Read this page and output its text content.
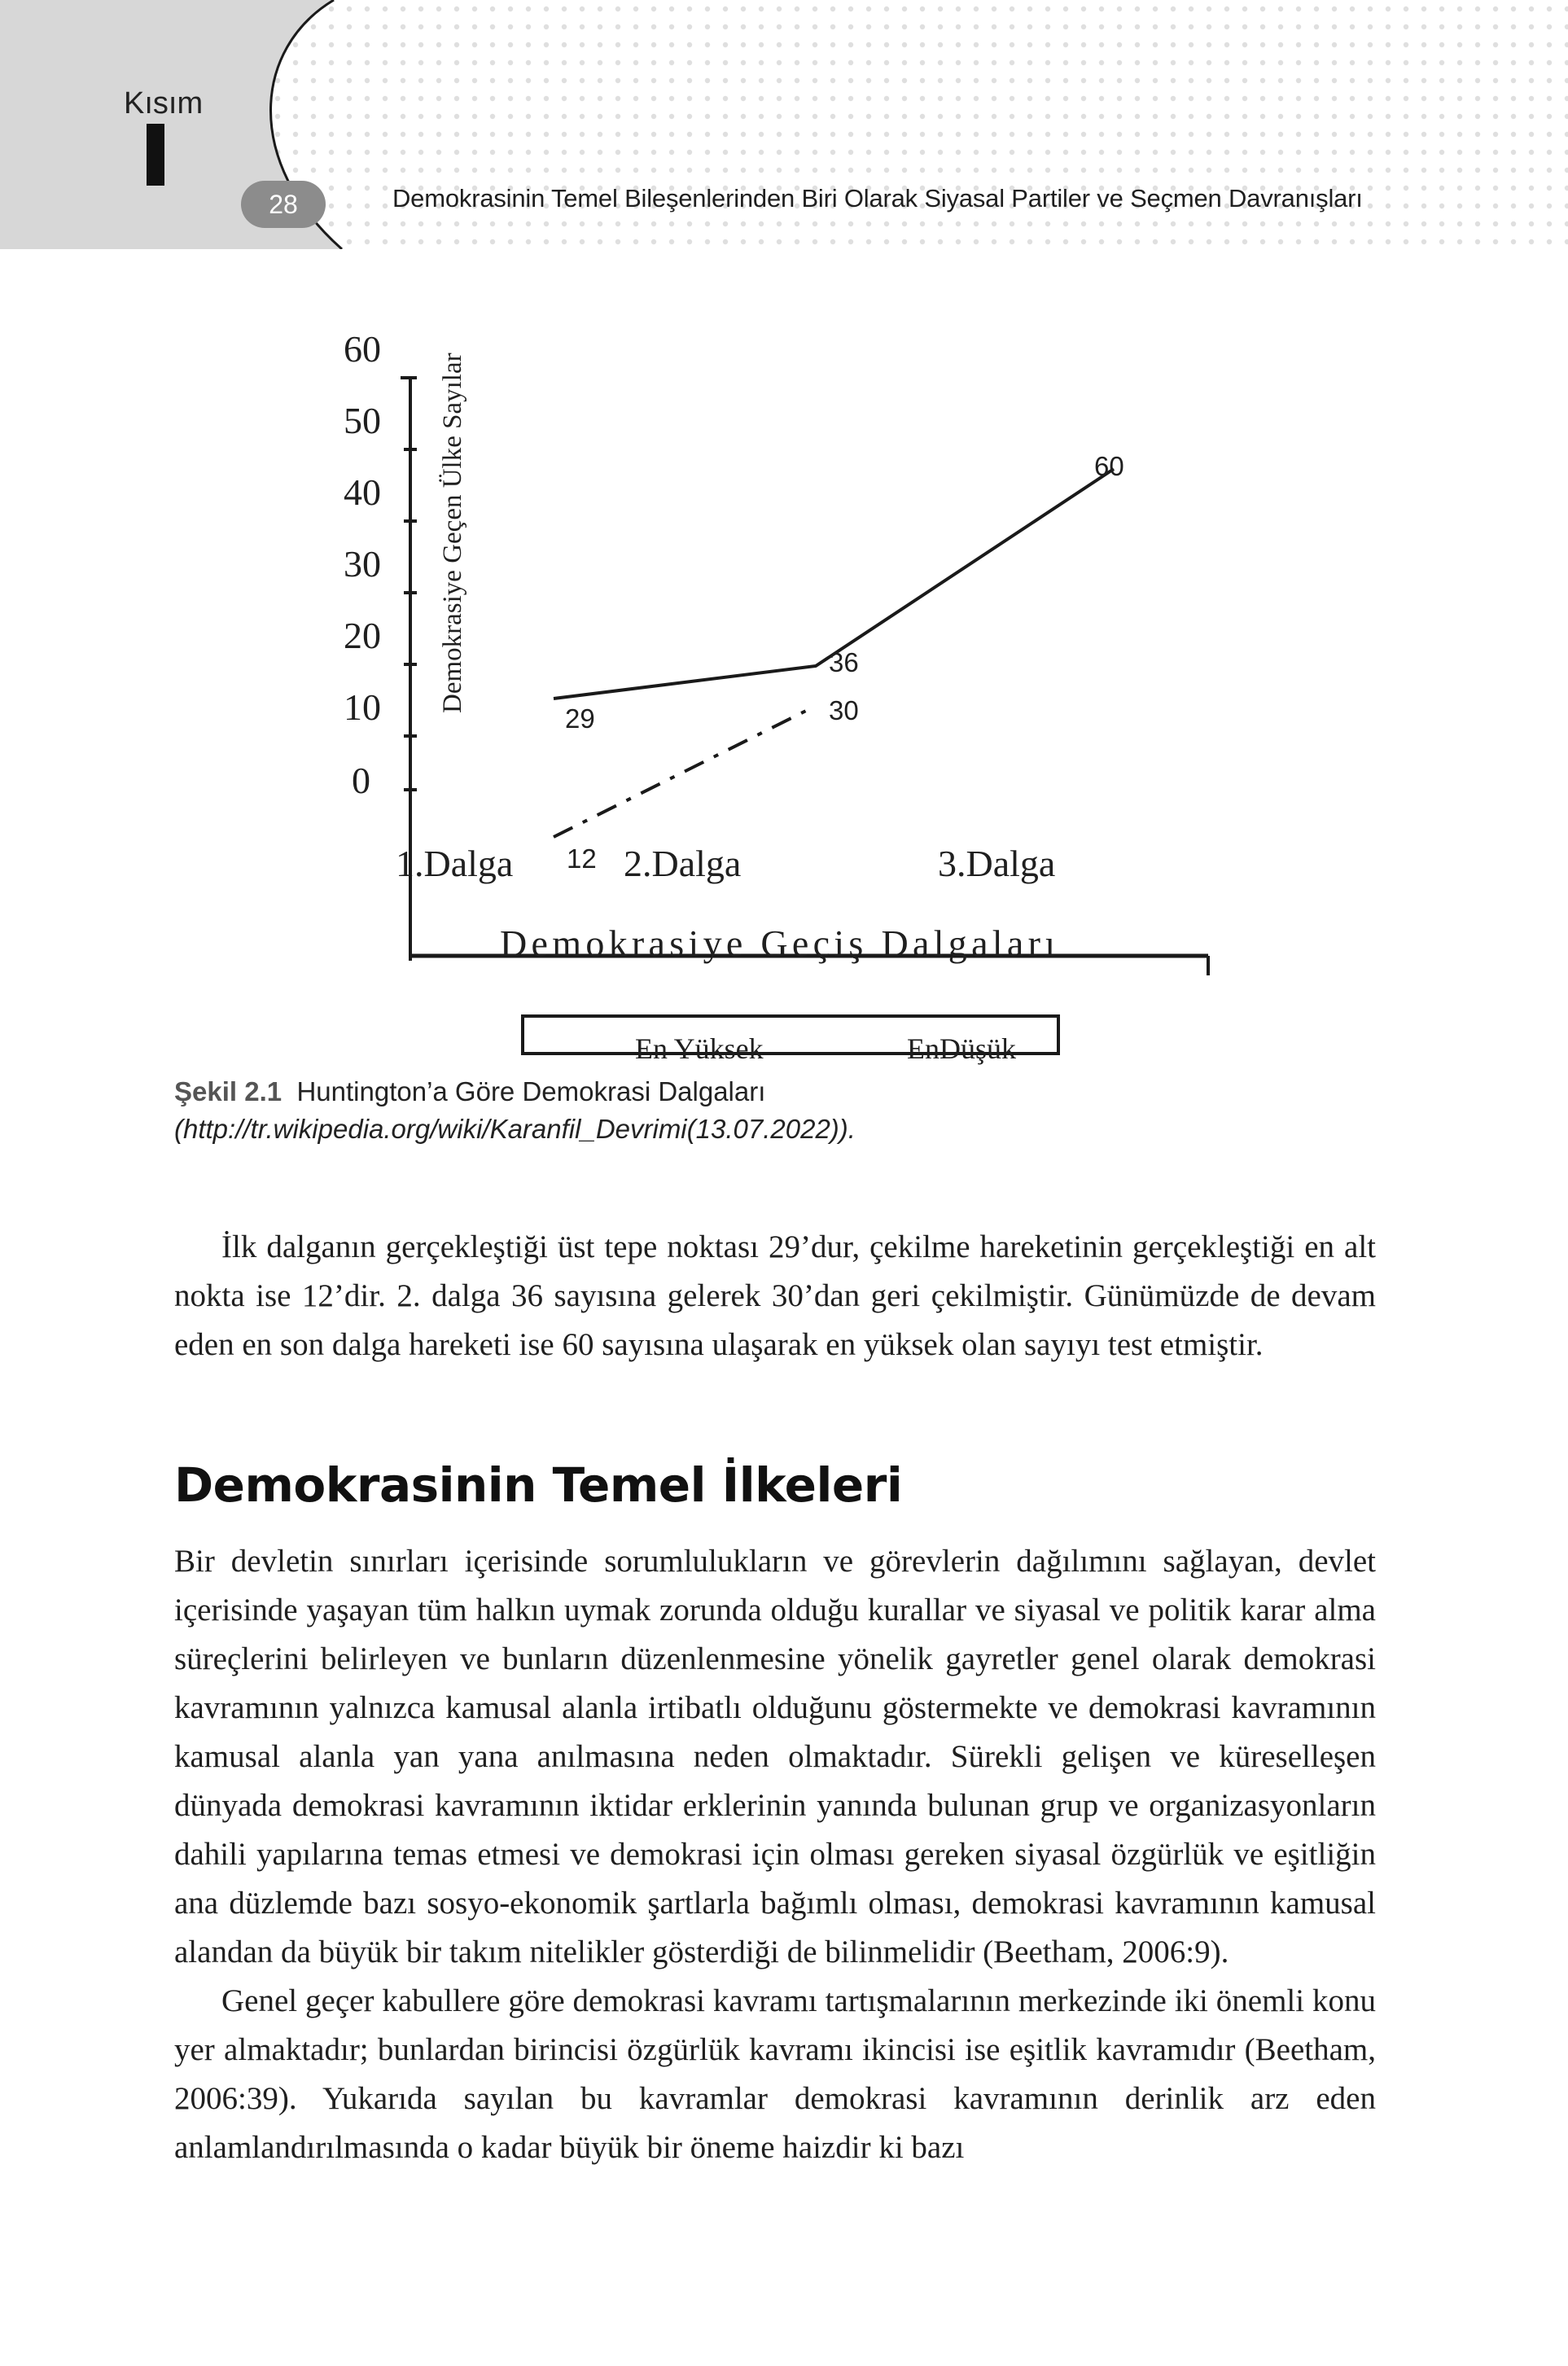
Kısım
28	Demokrasinin Temel Bileşenlerinden Biri Olarak Siyasal Partiler ve Seçmen Davranışları
60
50
40
30
20
10
0
Demokrasiye Geçen Ülke Sayılar
29
36
60
12
30
1.Dalga	2.Dalga	3.Dalga
Demokrasiye Geçiş Dalgaları
En Yüksek	EnDüşük
Şekil 2.1 Huntington’a Göre Demokrasi Dalgaları
(http://tr.wikipedia.org/wiki/Karanfil_Devrimi(13.07.2022)).

İlk dalganın gerçekleştiği üst tepe noktası 29’dur, çekilme hareketinin gerçekleştiği en alt nokta ise 12’dir. 2. dalga 36 sayısına gelerek 30’dan geri çekilmiştir. Günümüzde de devam eden en son dalga hareketi ise 60 sayısına ulaşarak en yüksek olan sayıyı test etmiştir.

Demokrasinin Temel İlkeleri

Bir devletin sınırları içerisinde sorumlulukların ve görevlerin dağılımını sağlayan, devlet içerisinde yaşayan tüm halkın uymak zorunda olduğu kurallar ve siyasal ve politik karar alma süreçlerini belirleyen ve bunların düzenlenmesine yönelik gayretler genel olarak demokrasi kavramının yalnızca kamusal alanla irtibatlı olduğunu göstermekte ve demokrasi kavramının kamusal alanla yan yana anılmasına neden olmaktadır. Sürekli gelişen ve küreselleşen dünyada demokrasi kavramının iktidar erklerinin yanında bulunan grup ve organizasyonların dahili yapılarına temas etmesi ve demokrasi için olması gereken siyasal özgürlük ve eşitliğin ana düzlemde bazı sosyo-ekonomik şartlarla bağımlı olması, demokrasi kavramının kamusal alandan da büyük bir takım nitelikler gösterdiği de bilinmelidir (Beetham, 2006:9).

Genel geçer kabullere göre demokrasi kavramı tartışmalarının merkezinde iki önemli konu yer almaktadır; bunlardan birincisi özgürlük kavramı ikincisi ise eşitlik kavramıdır (Beetham, 2006:39). Yukarıda sayılan bu kavramlar demokrasi kavramının derinlik arz eden anlamlandırılmasında o kadar büyük bir öneme haizdir ki bazı
